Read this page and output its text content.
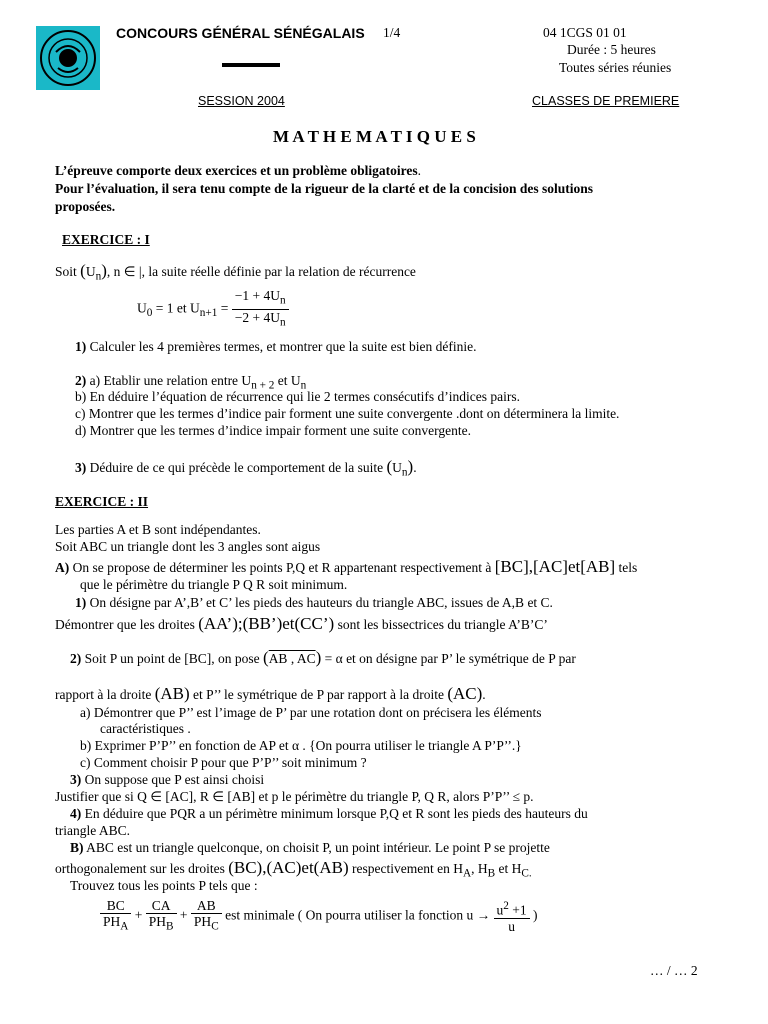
CONCOURS GÉNÉRAL SÉNÉGALAIS 1/4	04 1CGS 01 01
Durée : 5 heures
Toutes séries réunies
SESSION 2004	CLASSES DE PREMIERE
M A T H E M A T I Q U E S
L’épreuve comporte deux exercices et un problème obligatoires.
Pour l’évaluation, il sera tenu compte de la rigueur de la clarté et de la concision des solutions
proposées.
EXERCICE : I
Soit $(U_n)$, n ∈ |, la suite réelle définie par la relation de récurrence
$U_0 = 1$ et $U_{n+1} = \frac{-1 + 4U_n}{-2 + 4U_n}$
1) Calculer les 4 premières termes, et montrer que la suite est bien définie.
2) a) Etablir une relation entre $U_{n + 2}$ et $U_n$
b) En déduire l’équation de récurrence qui lie 2 termes consécutifs d’indices pairs.
c) Montrer que les termes d’indice pair forment une suite convergente .dont on déterminera la limite.
d) Montrer que les termes d’indice impair forment une suite convergente.
3) Déduire de ce qui précède le comportement de la suite $(U_n)$.
EXERCICE : II
Les parties A et B sont indépendantes.
Soit ABC un triangle dont les 3 angles sont aigus
A) On se propose de déterminer les points P,Q et R appartenant respectivement à [BC],[AC]et[AB] tels
que le périmètre du triangle P Q R soit minimum.
1) On désigne par A’,B’ et C’ les pieds des hauteurs du triangle ABC, issues de A,B et C.
Démontrer que les droites (AA’);(BB’)et(CC’) sont les bissectrices du triangle A’B’C’
2) Soit P un point de [BC], on pose (AB , AC) = α et on désigne par P’ le symétrique de P par
rapport à la droite (AB) et P’’ le symétrique de P par rapport à la droite (AC).
a) Démontrer que P’’ est l’image de P’ par une rotation dont on précisera les éléments
caractéristiques .
b) Exprimer P’P’’ en fonction de AP et α . {On pourra utiliser le triangle A P’P’’.}
c) Comment choisir P pour que P’P’’ soit minimum ?
3) On suppose que P est ainsi choisi
Justifier que si Q ∈ [AC], R ∈ [AB] et p le périmètre du triangle P, Q R, alors P’P’’ ≤ p.
4) En déduire que PQR a un périmètre minimum lorsque P,Q et R sont les pieds des hauteurs du
triangle ABC.
B) ABC est un triangle quelconque, on choisit P, un point intérieur. Le point P se projette
orthogonalement sur les droites (BC),(AC)et(AB) respectivement en $H_A$, $H_B$ et $H_{C.}$
Trouvez tous les points P tels que :
$\frac{BC}{PH_A} + \frac{CA}{PH_B} + \frac{AB}{PH_C}$ est minimale ( On pourra utiliser la fonction $u \to \frac{u^2 +1}{u}$ )
… / … 2
